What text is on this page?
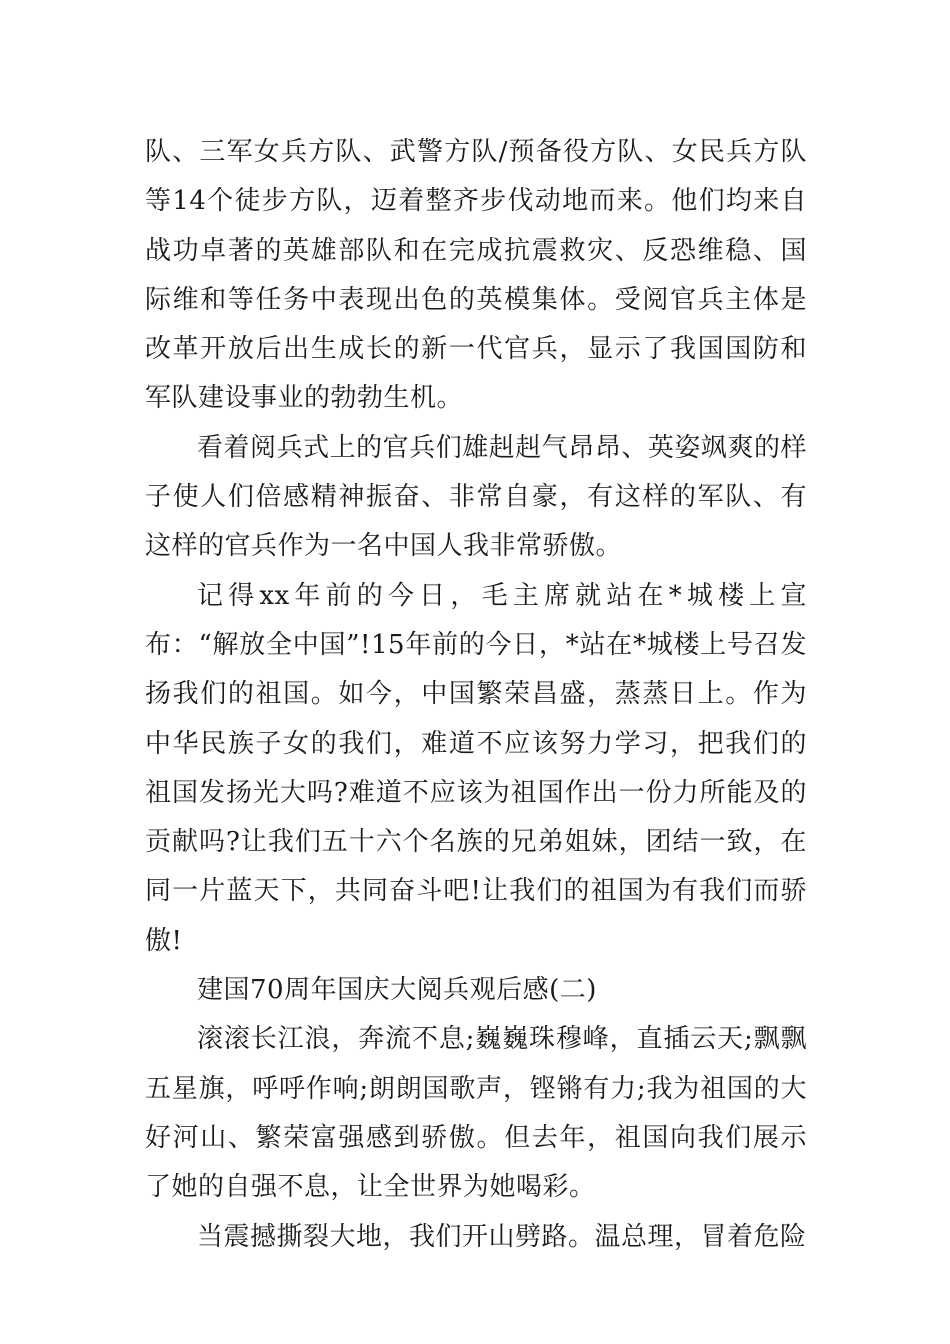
队、三军女兵方队、武警方队/预备役方队、女民兵方队等14个徒步方队，迈着整齐步伐动地而来。他们均来自战功卓著的英雄部队和在完成抗震救灾、反恐维稳、国际维和等任务中表现出色的英模集体。受阅官兵主体是改革开放后出生成长的新一代官兵，显示了我国国防和军队建设事业的勃勃生机。

看着阅兵式上的官兵们雄赳赳气昂昂、英姿飒爽的样子使人们倍感精神振奋、非常自豪，有这样的军队、有这样的官兵作为一名中国人我非常骄傲。

记得xx年前的今日，毛主席就站在*城楼上宣布：“解放全中国”!15年前的今日，*站在*城楼上号召发扬我们的祖国。如今，中国繁荣昌盛，蒸蒸日上。作为中华民族子女的我们，难道不应该努力学习，把我们的祖国发扬光大吗?难道不应该为祖国作出一份力所能及的贡献吗?让我们五十六个名族的兄弟姐妹，团结一致，在同一片蓝天下，共同奋斗吧!让我们的祖国为有我们而骄傲!

建国70周年国庆大阅兵观后感(二)

滚滚长江浪，奔流不息;巍巍珠穆峰，直插云天;飘飘五星旗，呼呼作响;朗朗国歌声，铿锵有力;我为祖国的大好河山、繁荣富强感到骄傲。但去年，祖国向我们展示了她的自强不息，让全世界为她喝彩。

当震撼撕裂大地，我们开山劈路。温总理，冒着危险
